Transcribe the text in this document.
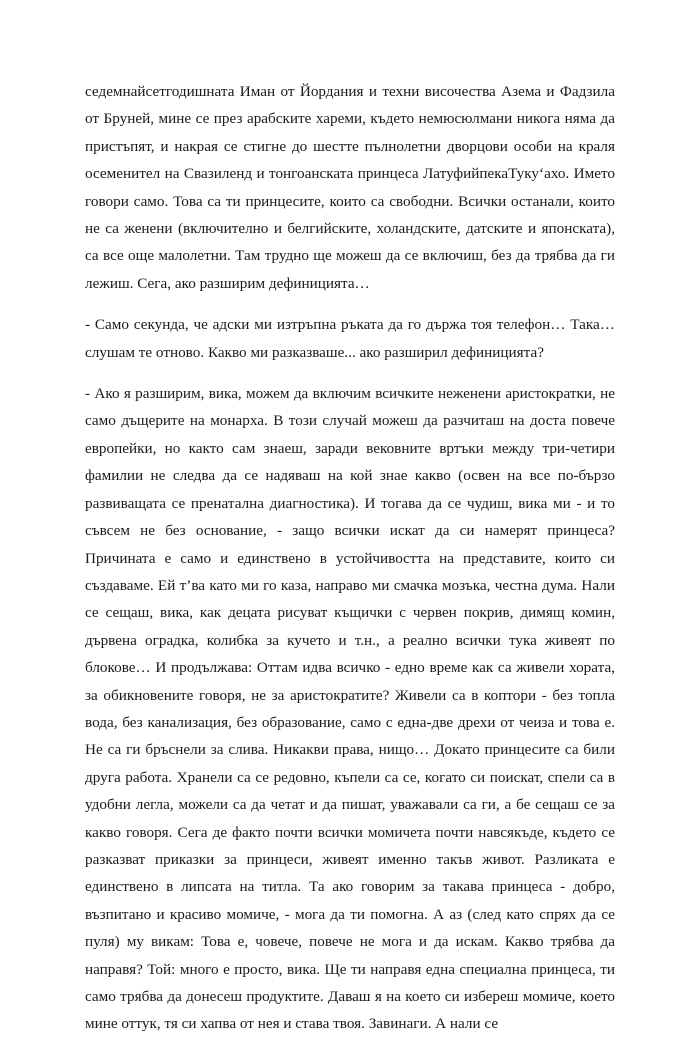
седемнайсетгодишната Иман от Йордания и техни височества Азема и Фадзила от Бруней, мине се през арабските хареми, където немюсюлмани никога няма да пристъпят, и накрая се стигне до шестте пълнолетни дворцови особи на краля осеменител на Свазиленд и тонгоанската принцеса ЛатуфийпекаТуку‘ахо. Името говори само. Това са ти принцесите, които са свободни. Всички останали, които не са женени (включително и белгийските, холандските, датските и японската), са все още малолетни. Там трудно ще можеш да се включиш, без да трябва да ги лежиш. Сега, ако разширим дефиницията…

- Само секунда, че адски ми изтръпна ръката да го държа тоя телефон… Така… слушам те отново. Какво ми разказваше... ако разширил дефиницията?

- Ако я разширим, вика, можем да включим всичките неженени аристократки, не само дъщерите на монарха. В този случай можеш да разчиташ на доста повече европейки, но както сам знаеш, заради вековните вртъки между три-четири фамилии не следва да се надяваш на кой знае какво (освен на все по-бързо развиващата се пренатална диагностика). И тогава да се чудиш, вика ми - и то съвсем не без основание, - защо всички искат да си намерят принцеса? Причината е само и единствено в устойчивостта на представите, които си създаваме. Ей т’ва като ми го каза, направо ми смачка мозъка, честна дума. Нали се сещаш, вика, как децата рисуват къщички с червен покрив, димящ комин, дървена оградка, колибка за кучето и т.н., а реално всички тука живеят по блокове… И продължава: Оттам идва всичко - едно време как са живели хората, за обикновените говоря, не за аристократите? Живели са в коптори - без топла вода, без канализация, без образование, само с една-две дрехи от чеиза и това е. Не са ги бръснели за слива. Никакви права, нищо… Докато принцесите са били друга работа. Хранели са се редовно, къпели са се, когато си поискат, спели са в удобни легла, можели са да четат и да пишат, уважавали са ги, а бе сещаш се за какво говоря. Сега де факто почти всички момичета почти навсякъде, където се разказват приказки за принцеси, живеят именно такъв живот. Разликата е единствено в липсата на титла. Та ако говорим за такава принцеса - добро, възпитано и красиво момиче, - мога да ти помогна. А аз (след като спрях да се пуля) му викам: Това е, човече, повече не мога и да искам. Какво трябва да направя? Той: много е просто, вика. Ще ти направя една специална принцеса, ти само трябва да донесеш продуктите. Даваш я на което си избереш момиче, което мине оттук, тя си хапва от нея и става твоя. Завинаги. А нали се
